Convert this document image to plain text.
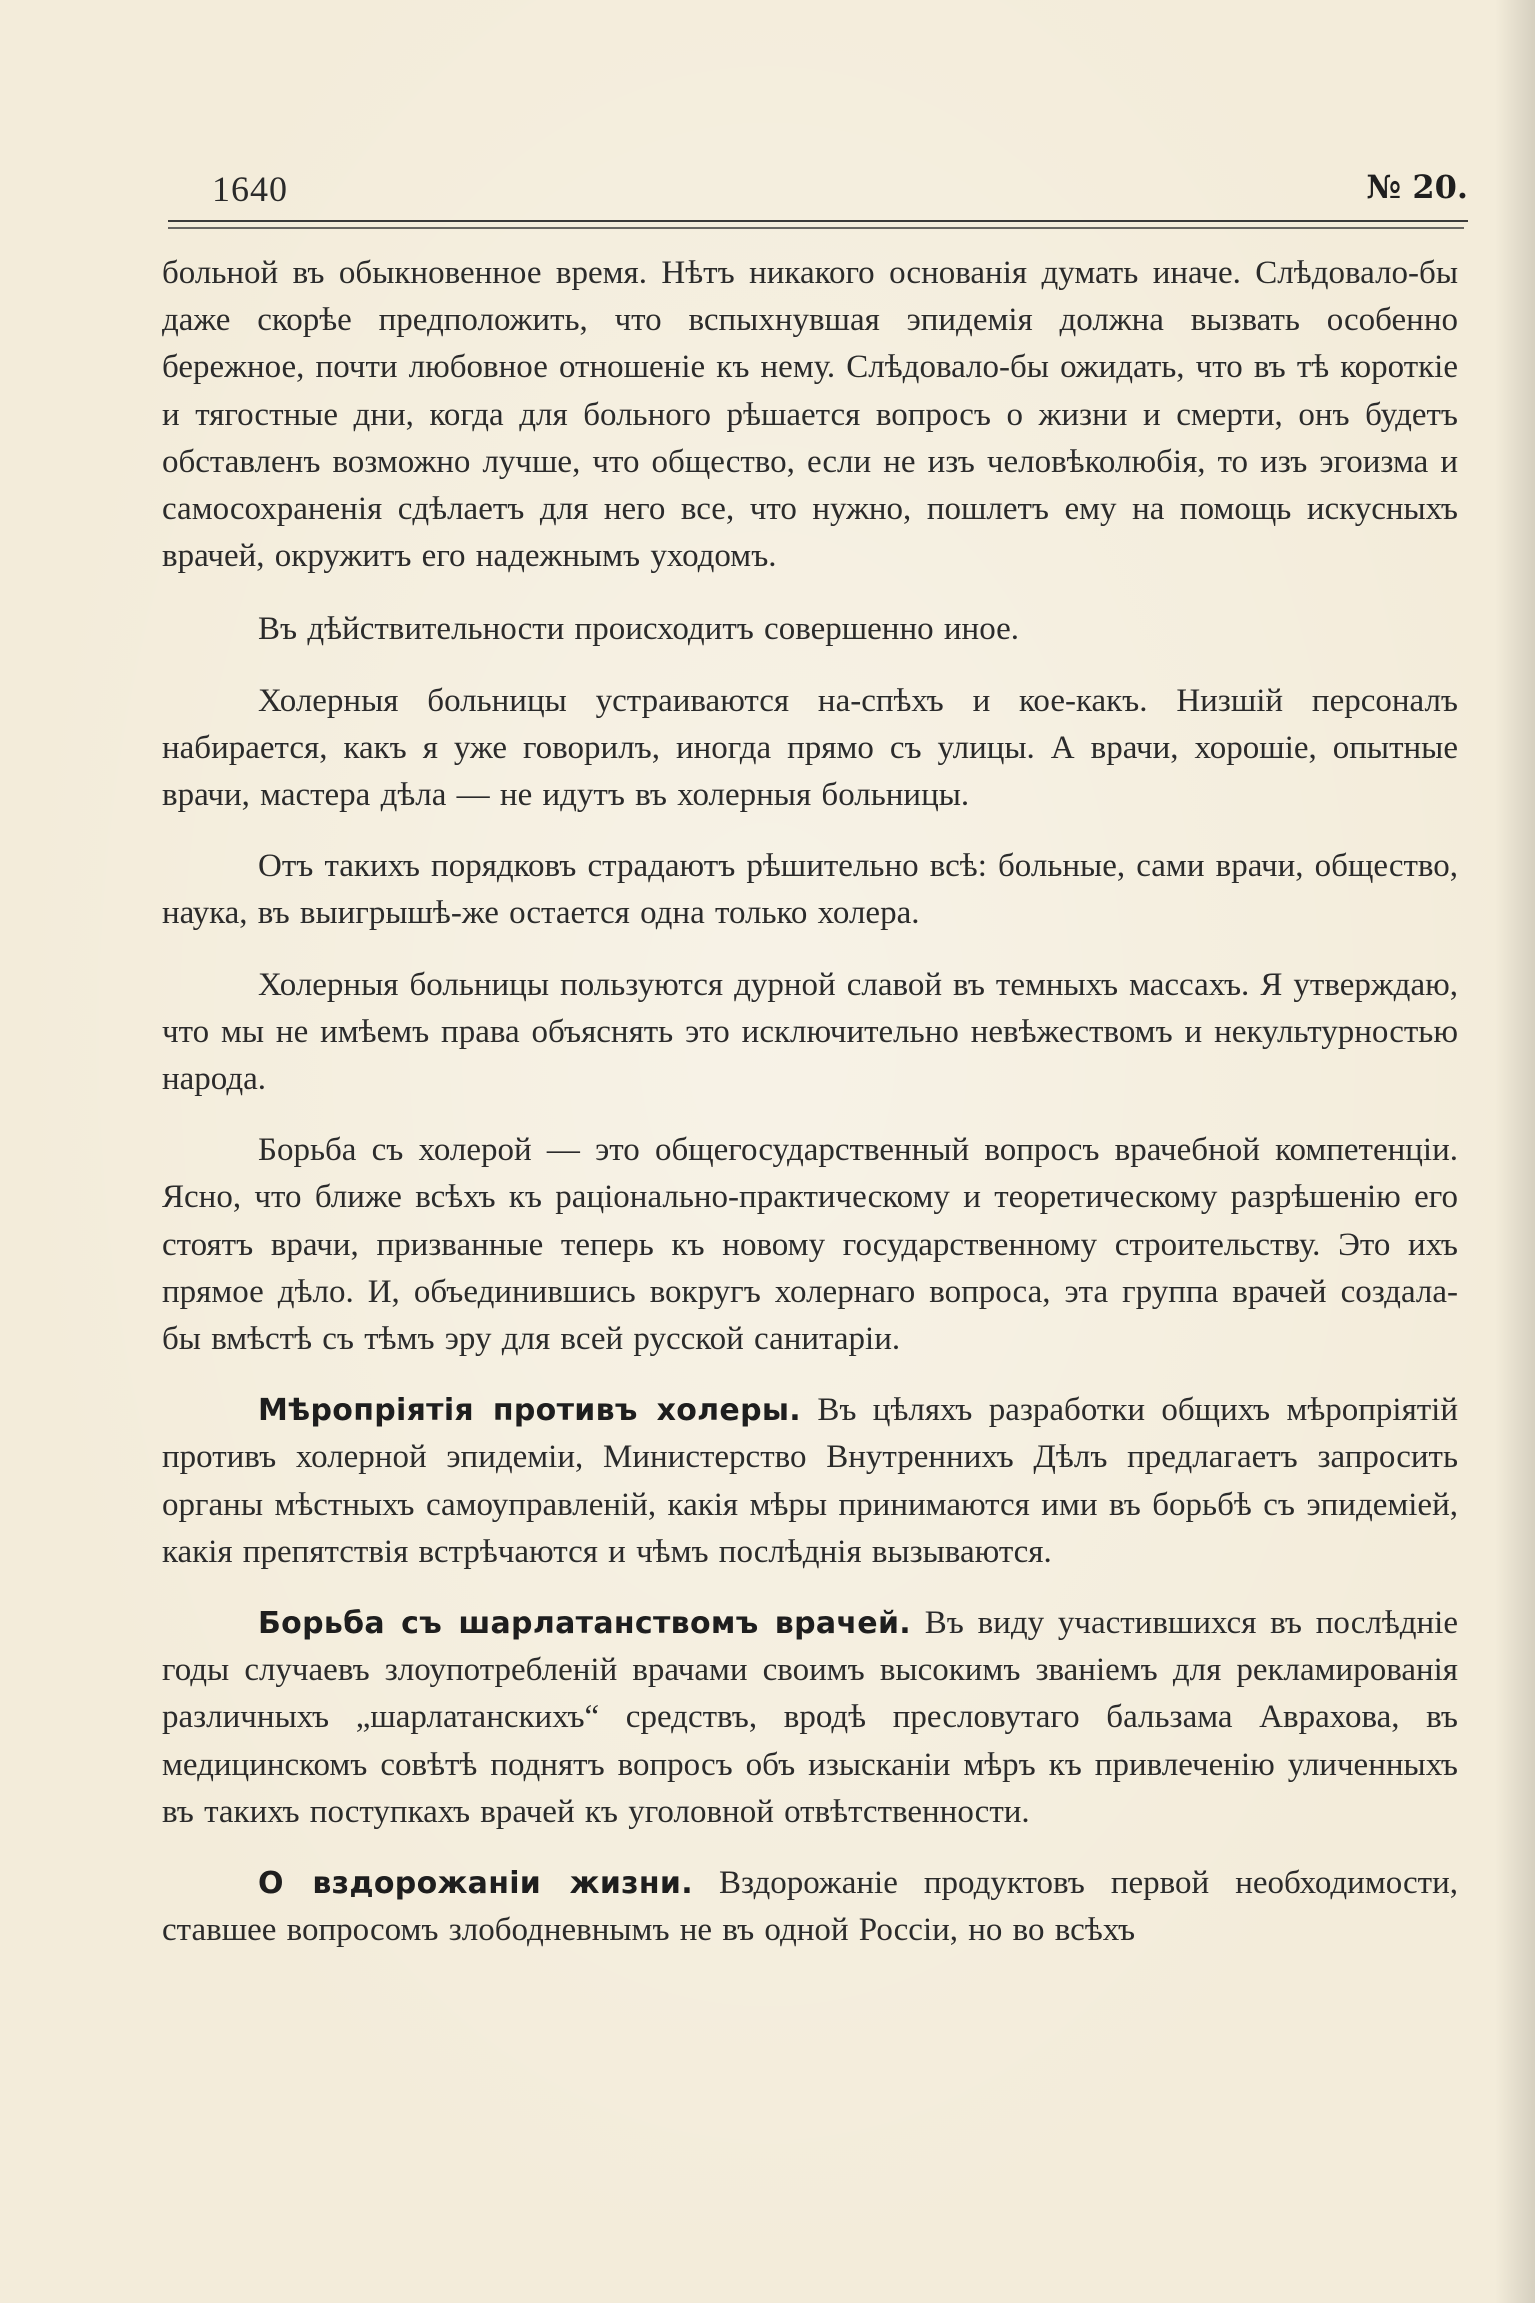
1640	№ 20.

больной въ обыкновенное время. Нѣтъ никакого основанія думать иначе. Слѣдовало-бы даже скорѣе предположить, что вспыхнувшая эпидемія должна вызвать особенно бережное, почти любовное отношеніе къ нему. Слѣдовало-бы ожидать, что въ тѣ короткіе и тягостные дни, когда для больного рѣшается вопросъ о жизни и смерти, онъ будетъ обставленъ возможно лучше, что общество, если не изъ человѣколюбія, то изъ эгоизма и самосохраненія сдѣлаетъ для него все, что нужно, пошлетъ ему на помощь искусныхъ врачей, окружитъ его надежнымъ уходомъ.

Въ дѣйствительности происходитъ совершенно иное.

Холерныя больницы устраиваются на-спѣхъ и кое-какъ. Низшій персоналъ набирается, какъ я уже говорилъ, иногда прямо съ улицы. А врачи, хорошіе, опытные врачи, мастера дѣла — не идутъ въ холерныя больницы.

Отъ такихъ порядковъ страдаютъ рѣшительно всѣ: больные, сами врачи, общество, наука, въ выигрышѣ-же остается одна только холера.

Холерныя больницы пользуются дурной славой въ темныхъ массахъ. Я утверждаю, что мы не имѣемъ права объяснять это исключительно невѣжествомъ и некультурностью народа.

Борьба съ холерой — это общегосударственный вопросъ врачебной компетенціи. Ясно, что ближе всѣхъ къ раціонально-практическому и теоретическому разрѣшенію его стоятъ врачи, призванные теперь къ новому государственному строительству. Это ихъ прямое дѣло. И, объединившись вокругъ холернаго вопроса, эта группа врачей создала-бы вмѣстѣ съ тѣмъ эру для всей русской санитаріи.

Мѣропріятія противъ холеры. Въ цѣляхъ разработки общихъ мѣропріятій противъ холерной эпидеміи, Министерство Внутреннихъ Дѣлъ предлагаетъ запросить органы мѣстныхъ самоуправленій, какія мѣры принимаются ими въ борьбѣ съ эпидеміей, какія препятствія встрѣчаются и чѣмъ послѣднія вызываются.

Борьба съ шарлатанствомъ врачей. Въ виду участившихся въ послѣдніе годы случаевъ злоупотребленій врачами своимъ высокимъ званіемъ для рекламированія различныхъ „шарлатанскихъ“ средствъ, вродѣ пресловутаго бальзама Аврахова, въ медицинскомъ совѣтѣ поднятъ вопросъ объ изысканіи мѣръ къ привлеченію уличенныхъ въ такихъ поступкахъ врачей къ уголовной отвѣтственности.

О вздорожаніи жизни. Вздорожаніе продуктовъ первой необходимости, ставшее вопросомъ злободневнымъ не въ одной Россіи, но во всѣхъ
